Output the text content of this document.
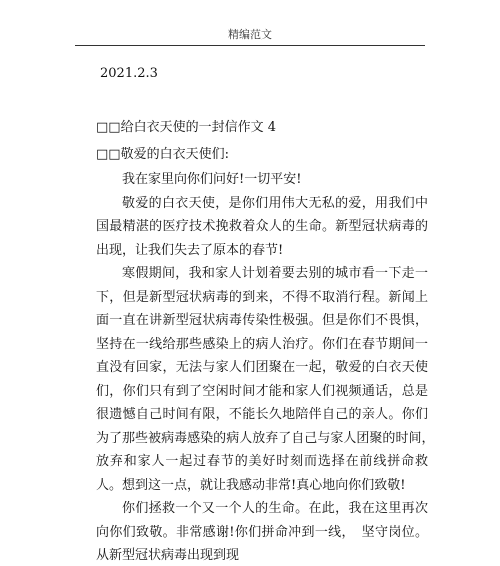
精编范文
2021.2.3
□□给白衣天使的一封信作文 4
□□敬爱的白衣天使们:

我在家里向你们问好!一切平安!

敬爱的白衣天使，是你们用伟大无私的爱，用我们中国最精湛的医疗技术挽救着众人的生命。新型冠状病毒的出现，让我们失去了原本的春节!

寒假期间，我和家人计划着要去别的城市看一下走一下，但是新型冠状病毒的到来，不得不取消行程。新闻上面一直在讲新型冠状病毒传染性极强。但是你们不畏惧，坚持在一线给那些感染上的病人治疗。你们在春节期间一直没有回家，无法与家人们团聚在一起，敬爱的白衣天使们，你们只有到了空闲时间才能和家人们视频通话，总是很遗憾自己时间有限，不能长久地陪伴自己的亲人。你们为了那些被病毒感染的病人放弃了自己与家人团聚的时间，　放弃和家人一起过春节的美好时刻而选择在前线拼命救人。想到这一点，就让我感动非常!真心地向你们致敬!

你们拯救一个又一个人的生命。在此，我在这里再次向你们致敬。非常感谢!你们拼命冲到一线，　坚守岗位。从新型冠状病毒出现到现
